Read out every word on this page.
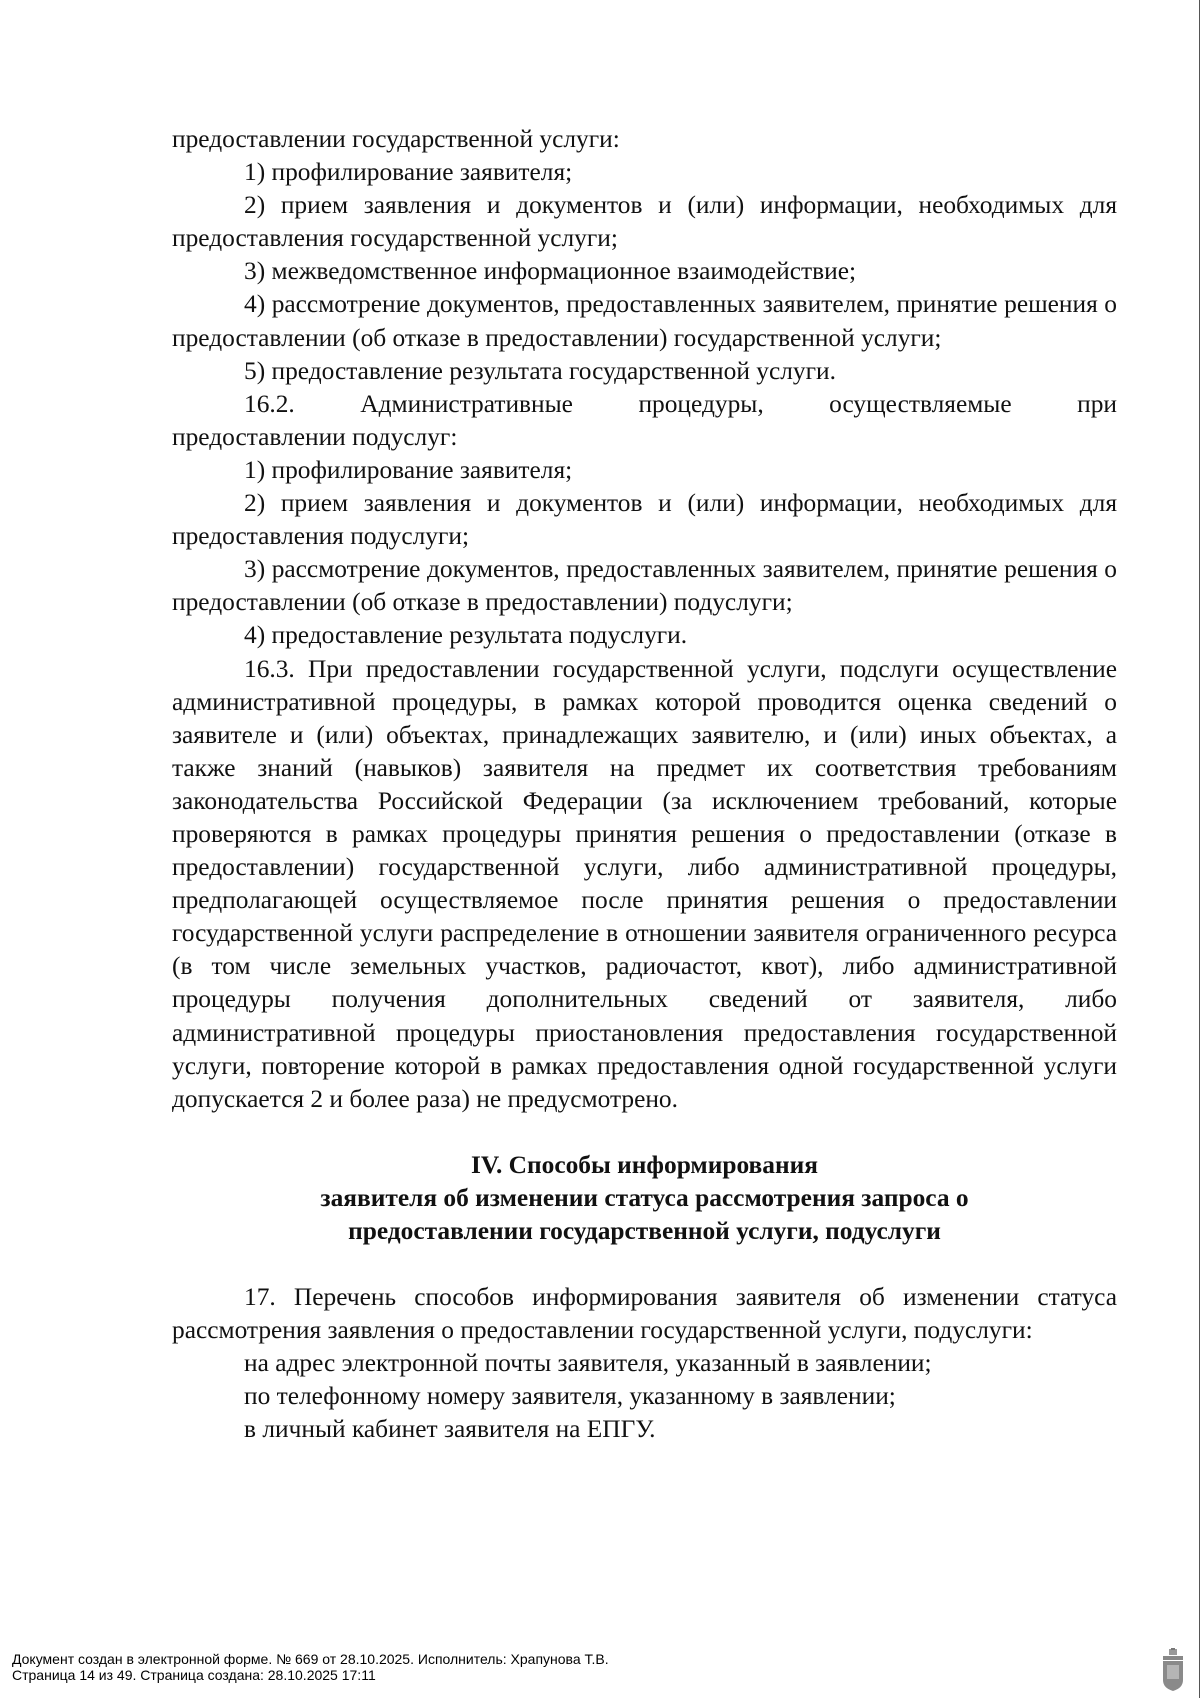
предоставлении государственной услуги:

1) профилирование заявителя;

2) прием заявления и документов и (или) информации, необходимых для предоставления государственной услуги;

3) межведомственное информационное взаимодействие;

4) рассмотрение документов, предоставленных заявителем, принятие решения о предоставлении (об отказе в предоставлении) государственной услуги;

5) предоставление результата государственной услуги.

16.2. Административные процедуры, осуществляемые при

предоставлении подуслуг:

1) профилирование заявителя;

2) прием заявления и документов и (или) информации, необходимых для предоставления подуслуги;

3) рассмотрение документов, предоставленных заявителем, принятие решения о предоставлении (об отказе в предоставлении) подуслуги;

4) предоставление результата подуслуги.

16.3. При предоставлении государственной услуги, подслуги осуществление административной процедуры, в рамках которой проводится оценка сведений о заявителе и (или) объектах, принадлежащих заявителю, и (или) иных объектах, а также знаний (навыков) заявителя на предмет их соответствия требованиям законодательства Российской Федерации (за исключением требований, которые проверяются в рамках процедуры принятия решения о предоставлении (отказе в предоставлении) государственной услуги, либо административной процедуры, предполагающей осуществляемое после принятия решения о предоставлении государственной услуги распределение в отношении заявителя ограниченного ресурса (в том числе земельных участков, радиочастот, квот), либо административной процедуры получения дополнительных сведений от заявителя, либо административной процедуры приостановления предоставления государственной услуги, повторение которой в рамках предоставления одной государственной услуги допускается 2 и более раза) не предусмотрено.

IV. Способы информирования
заявителя об изменении статуса рассмотрения запроса о
предоставлении государственной услуги, подуслуги

17. Перечень способов информирования заявителя об изменении статуса рассмотрения заявления о предоставлении государственной услуги, подуслуги:

на адрес электронной почты заявителя, указанный в заявлении;

по телефонному номеру заявителя, указанному в заявлении;

в личный кабинет заявителя на ЕПГУ.

Документ создан в электронной форме. № 669 от 28.10.2025. Исполнитель: Храпунова Т.В.
Страница 14 из 49. Страница создана: 28.10.2025 17:11
